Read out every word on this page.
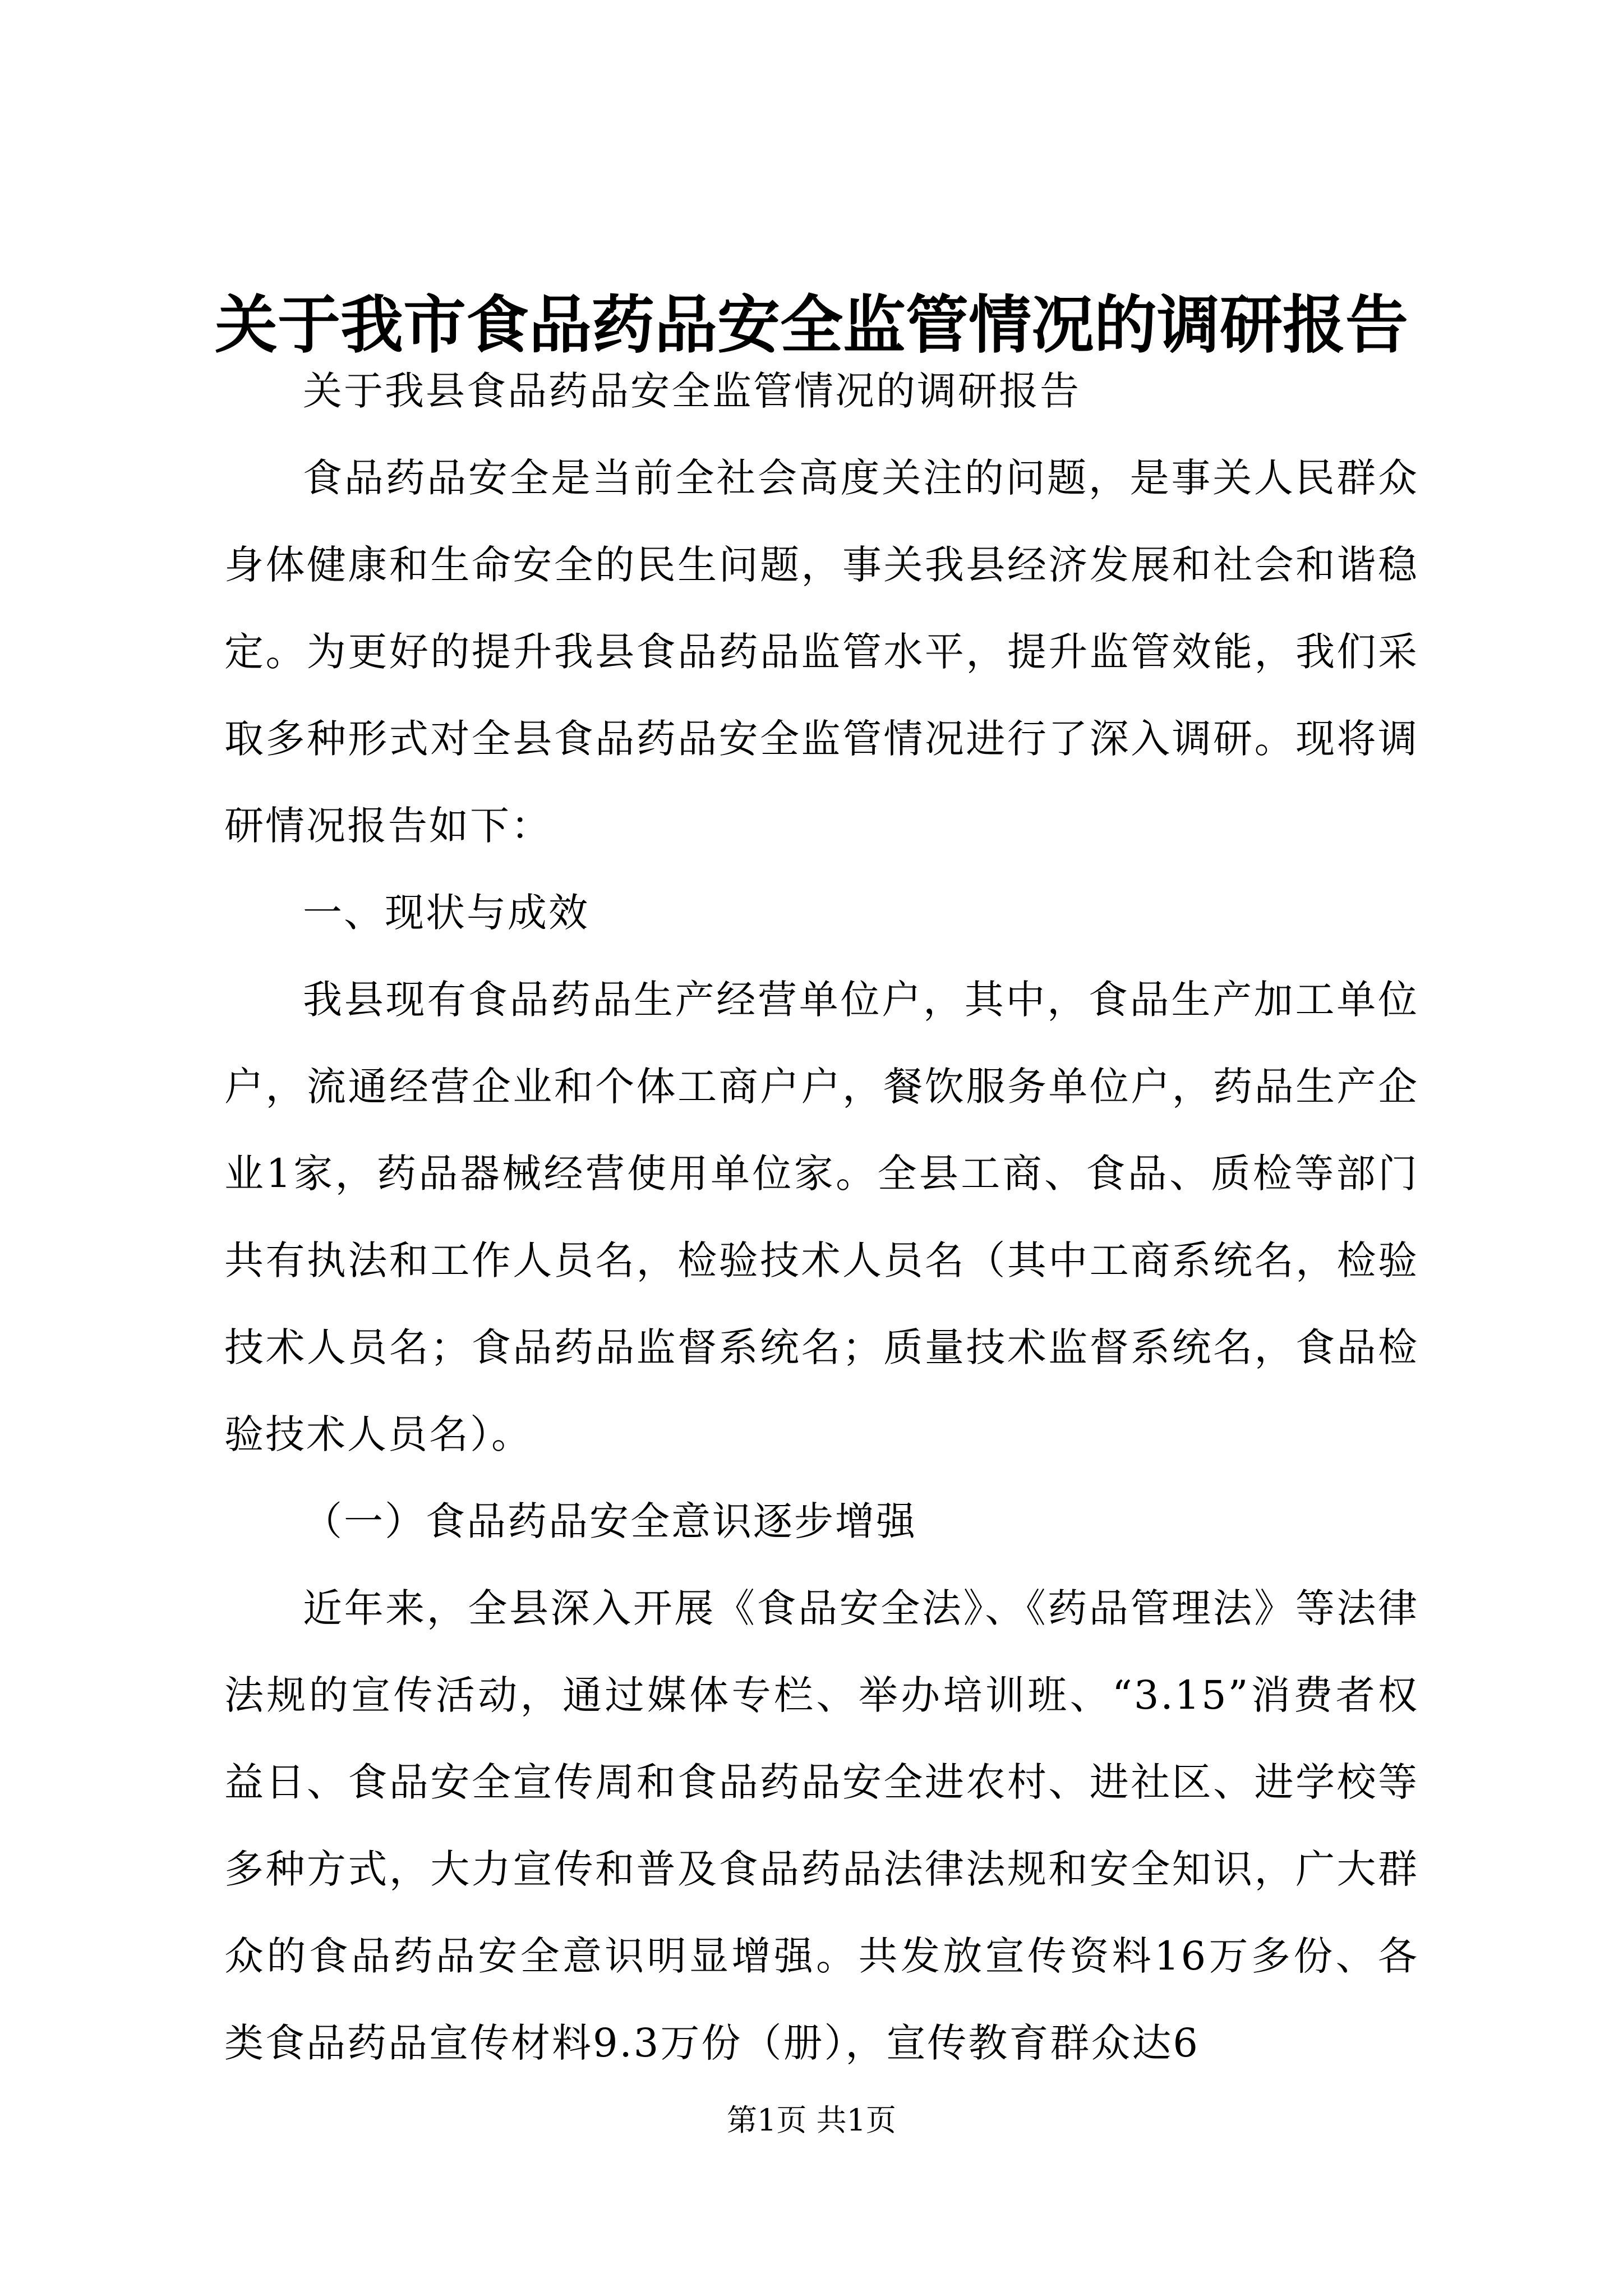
关于我市食品药品安全监管情况的调研报告

关于我县食品药品安全监管情况的调研报告

食品药品安全是当前全社会高度关注的问题，是事关人民群众身体健康和生命安全的民生问题，事关我县经济发展和社会和谐稳定。为更好的提升我县食品药品监管水平，提升监管效能，我们采取多种形式对全县食品药品安全监管情况进行了深入调研。现将调研情况报告如下：

一、现状与成效

我县现有食品药品生产经营单位户，其中，食品生产加工单位户，流通经营企业和个体工商户户，餐饮服务单位户，药品生产企业1家，药品器械经营使用单位家。全县工商、食品、质检等部门共有执法和工作人员名，检验技术人员名（其中工商系统名，检验技术人员名；食品药品监督系统名；质量技术监督系统名，食品检验技术人员名）。

（一）食品药品安全意识逐步增强

近年来，全县深入开展《食品安全法》、《药品管理法》等法律法规的宣传活动，通过媒体专栏、举办培训班、“3.15”消费者权益日、食品安全宣传周和食品药品安全进农村、进社区、进学校等多种方式，大力宣传和普及食品药品法律法规和安全知识，广大群众的食品药品安全意识明显增强。共发放宣传资料16万多份、各类食品药品宣传材料9.3万份（册），宣传教育群众达6

第1页 共1页
